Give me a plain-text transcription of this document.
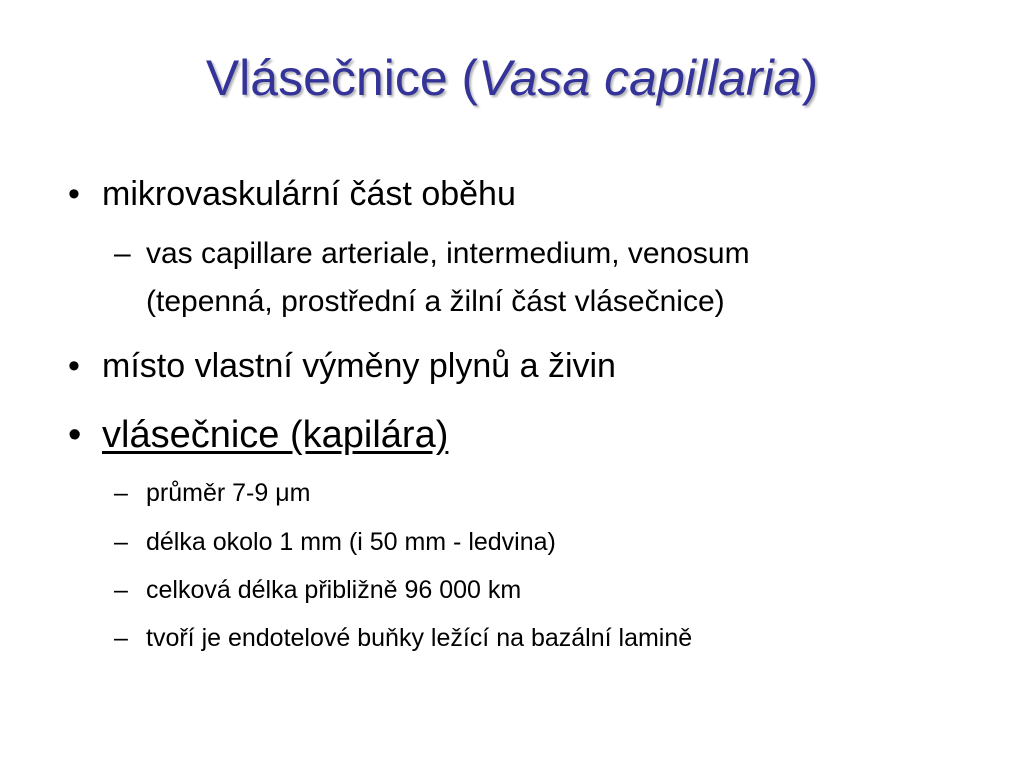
Vlásečnice (Vasa capillaria)
• mikrovaskulární část oběhu
– vas capillare arteriale, intermedium, venosum
(tepenná, prostřední a žilní část vlásečnice)
• místo vlastní výměny plynů a živin
• vlásečnice (kapilára)
– průměr 7-9 μm
– délka okolo 1 mm (i 50 mm - ledvina)
– celková délka přibližně 96 000 km
– tvoří je endotelové buňky ležící na bazální lamině
